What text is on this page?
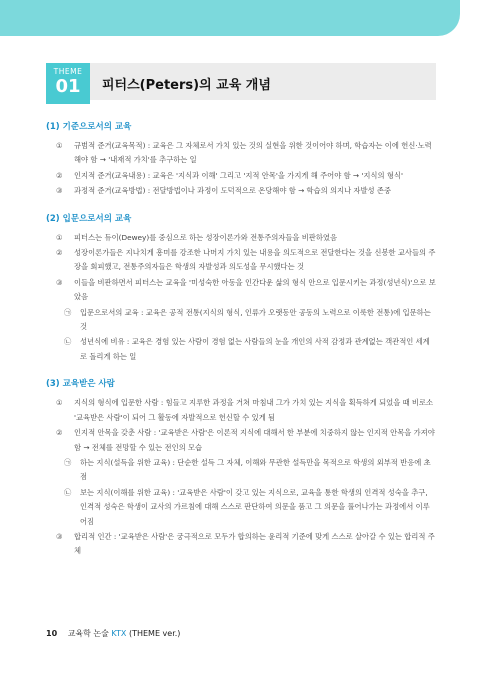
THEME
01	피터스(Peters)의 교육 개념
(1) 기준으로서의 교육
① 규범적 준거(교육목적) : 교육은 그 자체로서 가치 있는 것의 실현을 위한 것이어야 하며, 학습자는 이에 헌신·노력해야 함 → '내재적 가치'를 추구하는 일
② 인지적 준거(교육내용) : 교육은 '지식과 이해' 그리고 '지적 안목'을 가지게 해 주어야 함 → '지식의 형식'
③ 과정적 준거(교육방법) : 전달방법이나 과정이 도덕적으로 온당해야 함 → 학습의 의지나 자발성 존중
(2) 입문으로서의 교육
① 피터스는 듀이(Dewey)를 중심으로 하는 성장이론가와 전통주의자들을 비판하였음
② 성장이론가들은 지나치게 흥미를 강조한 나머지 가치 있는 내용을 의도적으로 전달한다는 것을 신봉한 교사들의 주장을 회피했고, 전통주의자들은 학생의 자발성과 의도성을 무시했다는 것
③ 이들을 비판하면서 피터스는 교육을 '미성숙한 아동을 인간다운 삶의 형식 안으로 입문시키는 과정(성년식)'으로 보았음
㉠ 입문으로서의 교육 : 교육은 공적 전통(지식의 형식, 인류가 오랫동안 공동의 노력으로 이룩한 전통)에 입문하는 것
㉡ 성년식에 비유 : 교육은 경험 있는 사람이 경험 없는 사람들의 눈을 개인의 사적 감정과 관계없는 객관적인 세계로 돌리게 하는 일
(3) 교육받은 사람
① 지식의 형식에 입문한 사람 : 힘들고 지루한 과정을 거쳐 마침내 그가 가치 있는 지식을 획득하게 되었을 때 비로소 '교육받은 사람'이 되어 그 활동에 자발적으로 헌신할 수 있게 됨
② 인지적 안목을 갖춘 사람 : '교육받은 사람'은 이론적 지식에 대해서 한 부분에 치중하지 않는 인지적 안목을 가져야 함 → 전체를 전망할 수 있는 전인의 모습
㉠ 하는 지식(설득을 위한 교육) : 단순한 설득 그 자체, 이해와 무관한 설득만을 목적으로 학생의 외부적 반응에 초점
㉡ 보는 지식(이해를 위한 교육) : '교육받은 사람'이 갖고 있는 지식으로, 교육을 통한 학생의 인격적 성숙을 추구, 인격적 성숙은 학생이 교사의 가르침에 대해 스스로 판단하여 의문을 품고 그 의문을 풀어나가는 과정에서 이루어짐
③ 합리적 인간 : '교육받은 사람'은 궁극적으로 모두가 합의하는 윤리적 기준에 맞게 스스로 살아갈 수 있는 합리적 주체
10 교육학 논술 KTX (THEME ver.)
